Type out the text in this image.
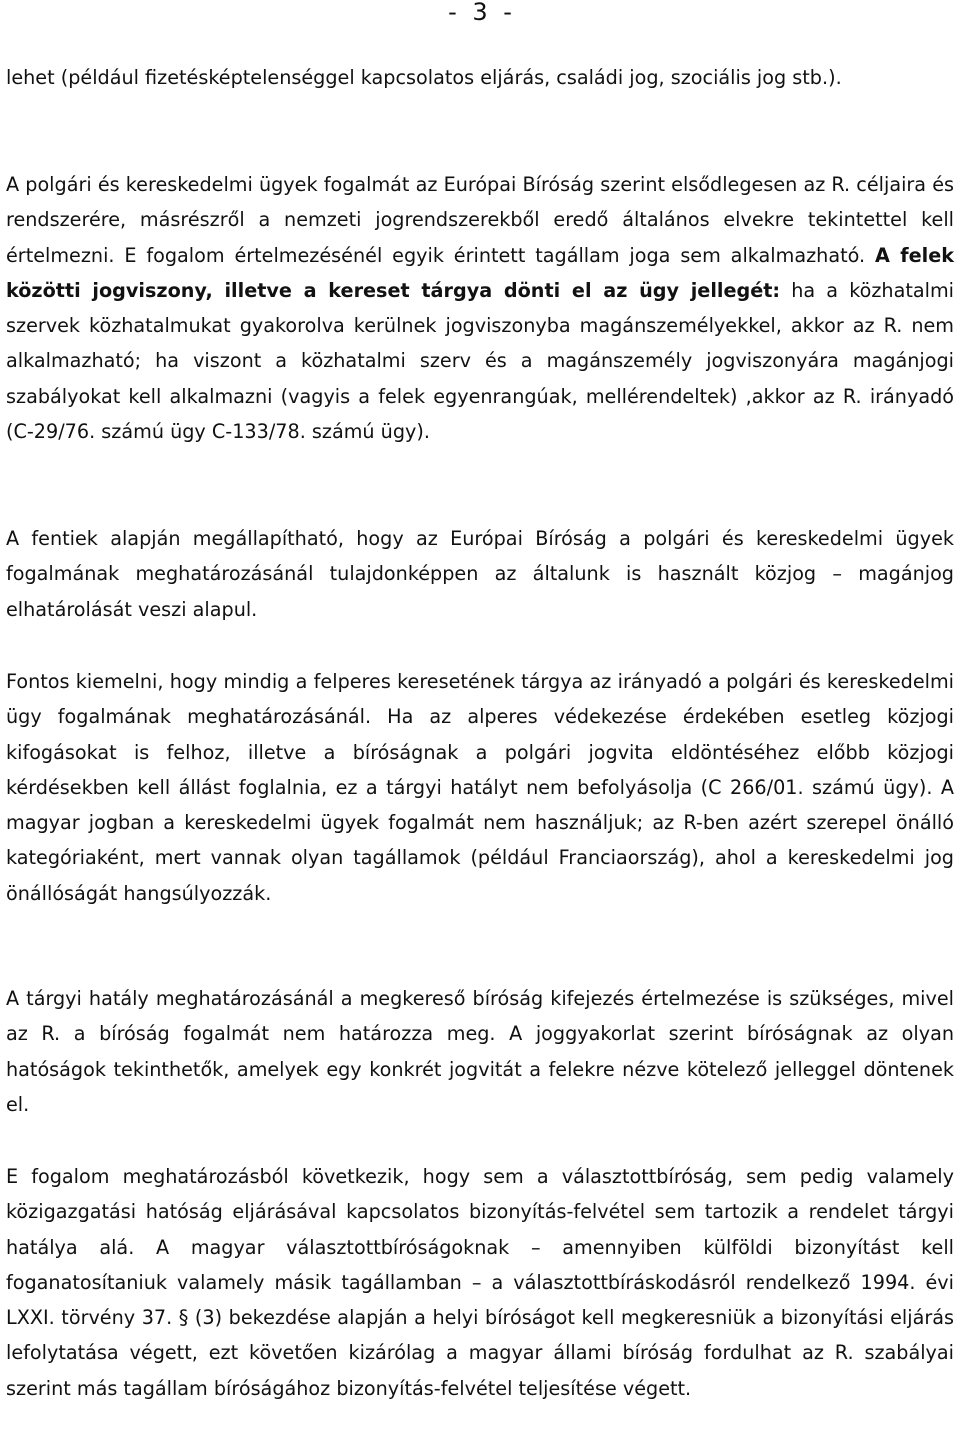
- 3 -

lehet (például fizetésképtelenséggel kapcsolatos eljárás, családi jog, szociális jog stb.).

A polgári és kereskedelmi ügyek fogalmát az Európai Bíróság szerint elsődlegesen az R. céljaira és rendszerére, másrészről a nemzeti jogrendszerekből eredő általános elvekre tekintettel kell értelmezni. E fogalom értelmezésénél egyik érintett tagállam joga sem alkalmazható. A felek közötti jogviszony, illetve a kereset tárgya dönti el az ügy jellegét: ha a közhatalmi szervek közhatalmukat gyakorolva kerülnek jogviszonyba magánszemélyekkel, akkor az R. nem alkalmazható; ha viszont a közhatalmi szerv és a magánszemély jogviszonyára magánjogi szabályokat kell alkalmazni (vagyis a felek egyenrangúak, mellérendeltek) ,akkor az R. irányadó (C-29/76. számú ügy C-133/78. számú ügy).

A fentiek alapján megállapítható, hogy az Európai Bíróság a polgári és kereskedelmi ügyek fogalmának meghatározásánál tulajdonképpen az általunk is használt közjog – magánjog elhatárolását veszi alapul.

Fontos kiemelni, hogy mindig a felperes keresetének tárgya az irányadó a polgári és kereskedelmi ügy fogalmának meghatározásánál. Ha az alperes védekezése érdekében esetleg közjogi kifogásokat is felhoz, illetve a bíróságnak a polgári jogvita eldöntéséhez előbb közjogi kérdésekben kell állást foglalnia, ez a tárgyi hatályt nem befolyásolja (C 266/01. számú ügy). A magyar jogban a kereskedelmi ügyek fogalmát nem használjuk; az R-ben azért szerepel önálló kategóriaként, mert vannak olyan tagállamok (például Franciaország), ahol a kereskedelmi jog önállóságát hangsúlyozzák.

A tárgyi hatály meghatározásánál a megkereső bíróság kifejezés értelmezése is szükséges, mivel az R. a bíróság fogalmát nem határozza meg. A joggyakorlat szerint bíróságnak az olyan hatóságok tekinthetők, amelyek egy konkrét jogvitát a felekre nézve kötelező jelleggel döntenek el.

E fogalom meghatározásból következik, hogy sem a választottbíróság, sem pedig valamely közigazgatási hatóság eljárásával kapcsolatos bizonyítás-felvétel sem tartozik a rendelet tárgyi hatálya alá. A magyar választottbíróságoknak – amennyiben külföldi bizonyítást kell foganatosítaniuk valamely másik tagállamban – a választottbíráskodásról rendelkező 1994. évi LXXI. törvény 37. § (3) bekezdése alapján a helyi bíróságot kell megkeresniük a bizonyítási eljárás lefolytatása végett, ezt követően kizárólag a magyar állami bíróság fordulhat az R. szabályai szerint más tagállam bíróságához bizonyítás-felvétel teljesítése végett.
